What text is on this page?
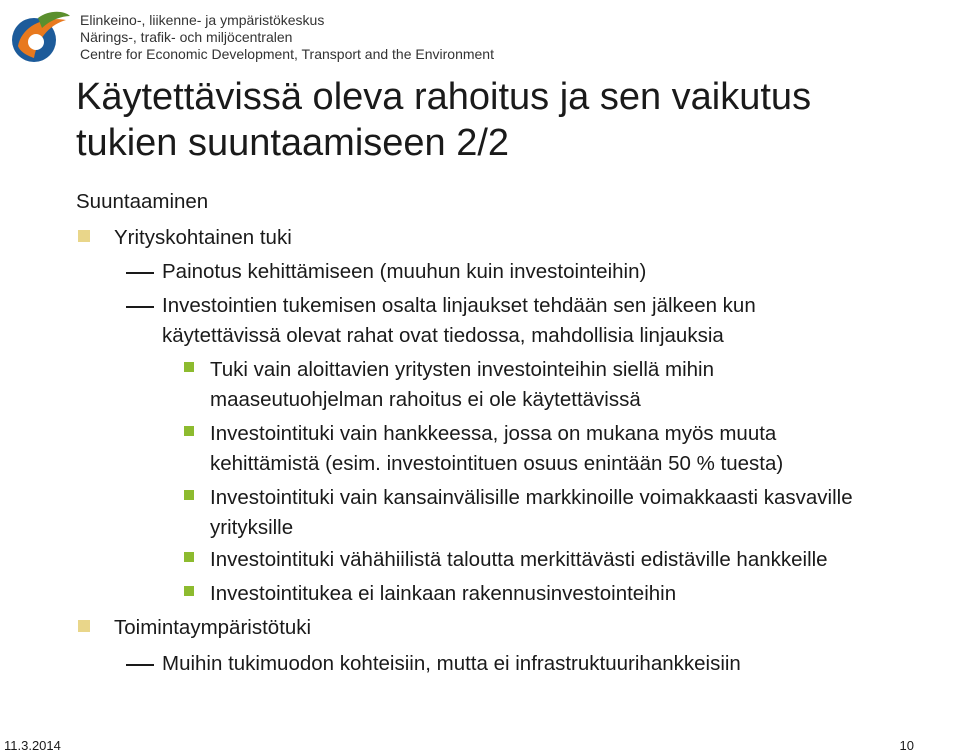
Elinkeino-, liikenne- ja ympäristökeskus
Närings-, trafik- och miljöcentralen
Centre for Economic Development, Transport and the Environment
Käytettävissä oleva rahoitus ja sen vaikutus
tukien suuntaamiseen 2/2
Suuntaaminen
Yrityskohtainen tuki
Painotus kehittämiseen (muuhun kuin investointeihin)
Investointien tukemisen osalta linjaukset tehdään sen jälkeen kun
käytettävissä olevat rahat ovat tiedossa, mahdollisia linjauksia
Tuki vain aloittavien yritysten investointeihin siellä mihin
maaseutuohjelman rahoitus ei ole käytettävissä
Investointituki vain hankkeessa, jossa on mukana myös muuta
kehittämistä (esim. investointituen osuus enintään 50 % tuesta)
Investointituki vain kansainvälisille markkinoille voimakkaasti kasvaville
yrityksille
Investointituki vähähiilistä taloutta merkittävästi edistäville hankkeille
Investointitukea ei lainkaan rakennusinvestointeihin
Toimintaympäristötuki
Muihin tukimuodon kohteisiin, mutta ei infrastruktuurihankkeisiin
11.3.2014	10
